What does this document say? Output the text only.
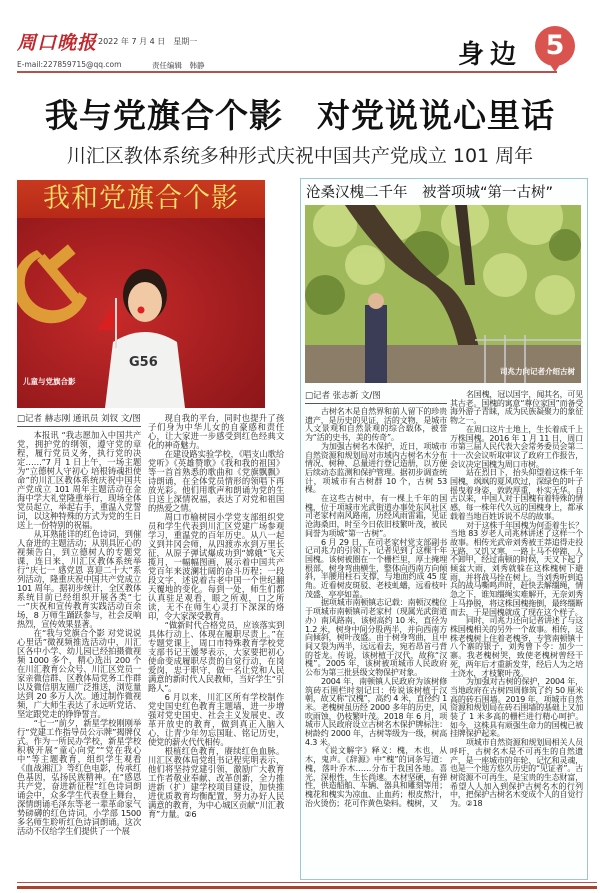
周口晚报 2022 年 7 月 4 日　星期一
E-mail:227859715@qq.com	责任编辑　韩静	身边 5
我与党旗合个影　对党说说心里话
川汇区教体系统多种形式庆祝中国共产党成立 101 周年
G56
我和党旗合个影
儿童与党旗合影
□记者 赫志刚 通讯员 刘钗 文/图

本报讯 “我志愿加入中国共产党，拥护党的纲领，遵守党的章程，履行党员义务，执行党的决定……”7 月 1 日上午，一场主题为“立德树人守初心 培根铸魂担使命”的川汇区教体系统庆祝中国共产党成立 101 周年主题活动在金海中学大礼堂隆重举行，现场全体党员起立，举起右手，重温入党誓词，以这种特殊的方式为党的生日送上一份特别的祝福。

从耳熟能详的红色诗词，到催人奋进的主题活动；从别具匠心的视频告白，到立德树人的专题党课，连日来，川汇区教体系统举行“庆七一 感党恩 喜迎二十大”系列活动，隆重庆祝中国共产党成立 101 周年。据初步统计，全区教体系统目前已经组织开展各类“七一”庆祝和宣传教育实践活动百余场，8 万师生踊跃参与，社会反响热烈，宣传效果显著。

在“我与党旗合个影 对党说说心里话”微视频推选活动中，川汇区各中小学、幼儿园已经拍摄微视频 1000 多个，精心选出 200 个在川汇教育公众号、川汇区党员一家亲微信群、区教体局党务工作群以及微信朋友圈广泛推送，浏览量达到 20 多万人次。通过制作微视频，广大师生表达了永远听党话、坚定跟党走的铮铮誓言。

“七一”前夕，新星学校刚刚举行“党建工作指导员公示牌”揭牌仪式。作为一所民办学校，新星学校积极开展“童心向党”“党在我心中”等主题教育，组织学生观看《血战湘江》等红色电影，传承红色基因，弘扬民族精神。在“感恩共产党，奋进新征程”红色诗词朗诵会中，众多学生代表登上舞台，深情朗诵毛泽东等老一辈革命家气势磅礴的红色诗词。小学部 1500 多名师生聆听红色诗词朗诵。这次活动不仅给学生们提供了一个展

现自我的平台，同时也提升了孩子们身为中华儿女的自豪感和责任心，让大家进一步感受到红色经典文化的神奇魅力。

在建设路实验学校，《唱支山歌给党听》《英雄赞歌》《我和我的祖国》等一首首熟悉的歌曲和《党旗飘飘》诗朗诵，在全体党员情形的领唱下再放光彩。他们用歌声和朗诵为党的生日送上深情祝福，表达了对党和祖国的热爱之情。

周口市榆树园小学党支部组织党员和学生代表到川汇区党建广场参观学习，重温党的百年历史。从八一起义到井冈会师，从四渡赤水到万里长征，从原子弹试爆成功到“嫦娥”飞天揽月，一幅幅图画，展示着中国共产党百年来波澜壮阔的奋斗历程；一段段文字，述说着古老中国一个世纪翻天覆地的变化。每到一处，师生们都认真驻足观看，眼之所观，口之所读，无不在师生心灵打下深深的烙印，令大家深受教育。

“做新时代合格党员，应该落实到具体行动上、体现在履职尽责上。”在专题党课上，周口市特殊教育学校党支部书记王媛琴表示，大家要把初心使命变成履职尽责的自觉行动，在岗爱岗，忠于职守，做一名让党和人民满意的新时代人民教师，当好学生“引路人”。

6 月以来，川汇区所有学校制作党史国史红色教育主题墙，进一步增强对党史国史、社会主义发展史、改革开放史的教育，做到真正入脑入心，让青少年勿忘国耻、铭记历史，使党的薪火代代相传。

根植红色教育，赓续红色血脉。川汇区教体局党组书记程宪明表示，他们将坚持党建引领，激励广大教育工作者敬业奉献、改革创新，全力推进新（扩）建学校项目建设，加快推进优质教育均衡配置，努力办好人民满意的教育，为中心城区贡献“川汇教育”力量。②6

沧桑汉槐二千年　被誉项城“第一古树”
司兆力向记者介绍古树
□记者 张志新 文/图

古树名木是自然界和前人留下的珍贵遗产，是历史的见证，活的文物，是城市人文景观和自然景观的综合载体，被誉为“活的史书，美的传奇”。

为加强古树名木保护，近日，项城市自然资源和规划局对市域内古树名木分布情况、树种、总量进行登记造册，以方便后续动态监测和保护管理。据初步调查统计，项城市有古树群 10 个，古树 53 棵。

在这些古树中，有一棵上千年的国槐，位于项城市光武街道办事处东风社区司老家村南风路南，历经风雨雷霜，见证沧海桑田，时至今日依旧枝繁叶茂，被民间誉为项城“第一古树”。

6 月 29 日，在司老家村党支部副书记司兆力的引领下，记者见到了这棵千年国槐。该树被圈在一个栅栏里，厚土掩埋根部，树身弯曲横生，整体向西南方向倾斜，半腰用柱石支撑，与地面约成 45 度角。近看树皮斑驳、老枝虬蟠，远看枝叶茂盛、亭亭如盖。

据项城市南顿镇志记载：南顿汉槐位于项城市南顿镇司老家村（现属光武街道办）南风路南，该树高约 10 米，直径为 1.2 米，树身中间分股两半，并向西南方向倾斜，树叶茂盛。由于树身弯曲，且中间又裂为两半，远远看去，宛若昂首弓背的苍龙。传说，该树植于汉代，故称“汉槐”。2005 年，该树被项城市人民政府公布为第三批县级文物保护对象。

2004 年，南顿镇人民政府为该树修筑砖石围栏时刻记曰：传说该树植于汉朝，故又称“汉槐”，高约 4 米，直径约 1 米。老槐树虽历经 2000 多年的历史，风吹雨蚀，仍枝繁叶茂。2018 年 6 月，项城市人民政府设立古树名木保护牌标注：树龄约 2000 年，古树等级为一级，树高 4.3 米。

《说文解字》释义：槐，木也，从木，鬼声。《辞源》中“槐”的词条写道：槐，落叶乔木……分布于我国各地。喜光，深根性，生长尚速。木材坚硬，有弹性，供造船舶、车辆、器具和雕刻等用；槐花和槐实为凉血、止血药；根皮熬汁，治火烫伤；花可作黄色染料。槐树，又

名国槐，冠以国字，闻其名，可见其古老。国槐的寓意“尊位家国”而备受海外游子青睐，成为民族凝聚力的象征物之一。

在周口这片土地上，生长着成千上万株国槐。2016 年 1 月 11 日，周口市第三届人民代表大会常务委员会第二十一次会议听取审议了政府工作报告，会议决定国槐为周口市树。

站在烈日下，抬头仰望着这株千年国槐，飒飒的夏风吹过，深绿色的叶子摇曳着身姿，敦敦厚重，朴实无华。自古以来，中国人对于国槐有着特殊的情感，每一株年代久远的国槐身上，都承载着当地百姓诉说不尽的故事。

对于这株千年国槐为何歪着生长？当地 83 岁老人司兆林讲述了这样一个故事。相传光武帝刘秀被王莽追得走投无路，又饥又寒，一路上马不停蹄，人不卸甲，经过南顿的时候，天又下起了倾盆大雨，刘秀就躲在这株槐树下避雨，并将战马拴在树上。当刘秀听到追兵的战马嘶鸣声时，赶快去解缰绳，情急之下，谁知缰绳实难解开，无奈刘秀上马挣脱，将这株国槐拖倒，最终缰断而去，于是国槐就成了现在这个样子。

同时，司兆力还向记者讲述了与这株国槐相关的另外一个故事。相传，这株老槐树上住着老槐爷，专管南顿镇十八个寨的银子，刘秀曾下令：加少一寨。我老槐树哭，致使老槐树曾经干死，两年后才重新发芽，经后人为之培土浇水，才枝繁叶茂。

为加强对古树的保护，2004 年，当地政府在古树四周修筑了约 50 厘米高的砖石围墙。2019 年，项城市自然资源和规划局在砖石围墙的基础上又加装了 1 米多高的栅栏进行精心呵护。如今，这株具有顽强生命力的国槐已被挂牌保护起来。

项城市自然资源和规划局相关人员呼吁，古树名木是不可再生的自然遗产，是一座城市的年轮、记忆和灵魂，也是一个地方悠久历史的“见证者”。古树资源不可再生，是宝贵的生态财富，希望人人加入到保护古树名木的行列中，把保护古树名木变成个人的自觉行为。②18
